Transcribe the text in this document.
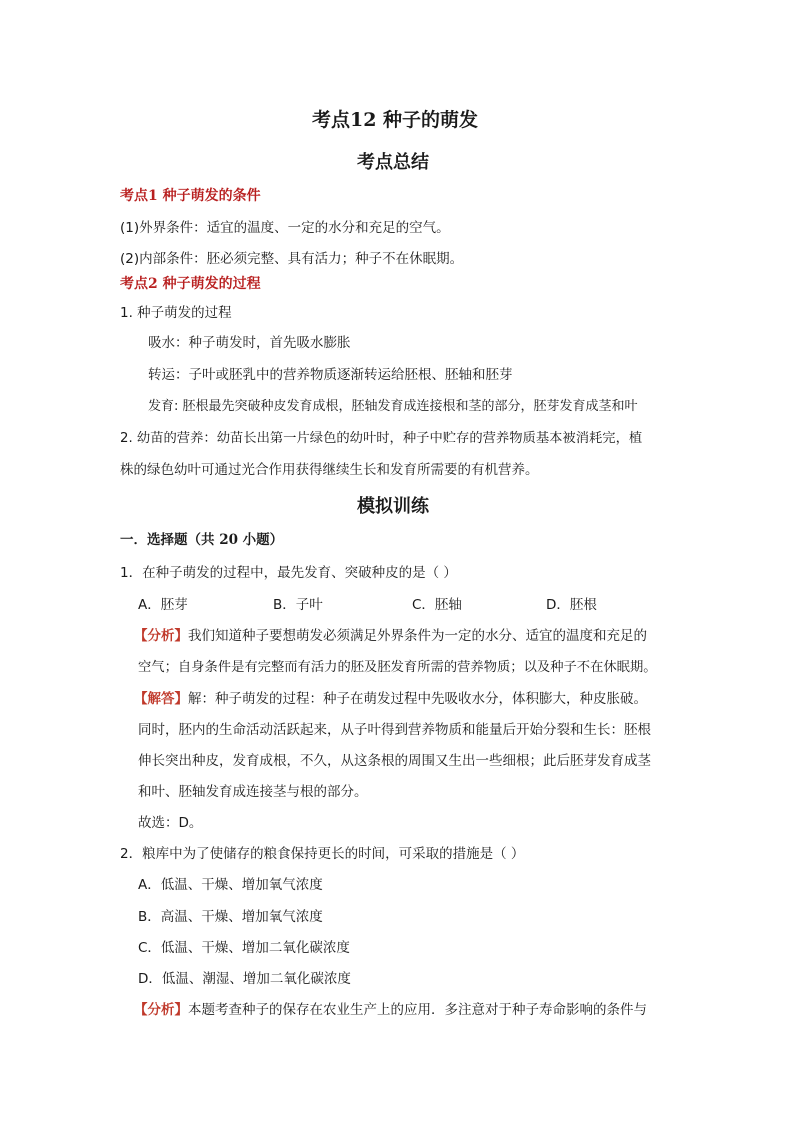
考点12 种子的萌发
考点总结
考点1 种子萌发的条件
(1)外界条件：适宜的温度、一定的水分和充足的空气。
(2)内部条件：胚必须完整、具有活力；种子不在休眠期。
考点2 种子萌发的过程
1. 种子萌发的过程
吸水：种子萌发时，首先吸水膨胀
转运：子叶或胚乳中的营养物质逐渐转运给胚根、胚轴和胚芽
发育: 胚根最先突破种皮发育成根，胚轴发育成连接根和茎的部分，胚芽发育成茎和叶
2. 幼苗的营养：幼苗长出第一片绿色的幼叶时，种子中贮存的营养物质基本被消耗完，植
株的绿色幼叶可通过光合作用获得继续生长和发育所需要的有机营养。
模拟训练
一．选择题（共 20 小题）
1．在种子萌发的过程中，最先发育、突破种皮的是（ ）
A．胚芽	B．子叶	C．胚轴	D．胚根
【分析】我们知道种子要想萌发必须满足外界条件为一定的水分、适宜的温度和充足的
空气；自身条件是有完整而有活力的胚及胚发育所需的营养物质；以及种子不在休眠期。
【解答】解：种子萌发的过程：种子在萌发过程中先吸收水分，体积膨大，种皮胀破。
同时，胚内的生命活动活跃起来，从子叶得到营养物质和能量后开始分裂和生长：胚根
伸长突出种皮，发育成根，不久，从这条根的周围又生出一些细根；此后胚芽发育成茎
和叶、胚轴发育成连接茎与根的部分。
故选：D。
2．粮库中为了使储存的粮食保持更长的时间，可采取的措施是（ ）
A．低温、干燥、增加氧气浓度
B．高温、干燥、增加氧气浓度
C．低温、干燥、增加二氧化碳浓度
D．低温、潮湿、增加二氧化碳浓度
【分析】本题考查种子的保存在农业生产上的应用．多注意对于种子寿命影响的条件与
